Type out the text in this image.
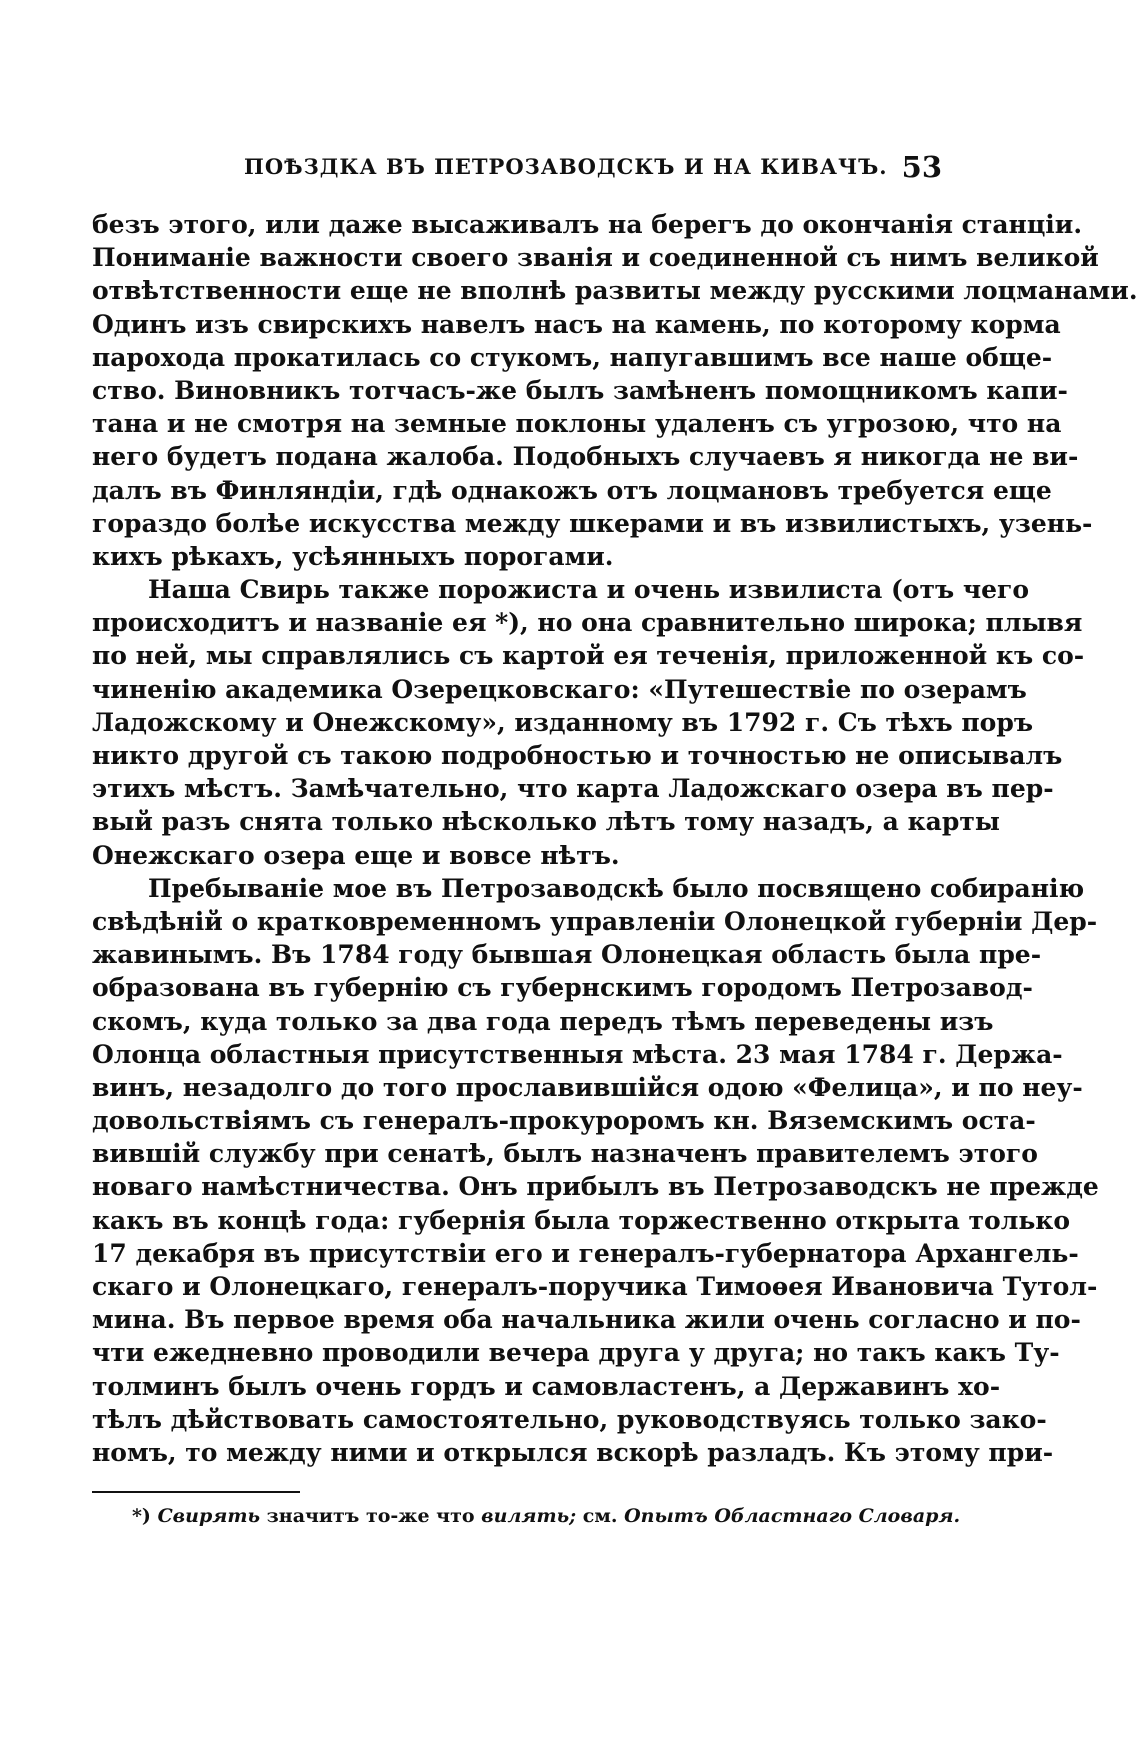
ПОѢЗДКА ВЪ ПЕТРОЗАВОДСКЪ И НА КИВАЧЪ. 53
безъ этого, или даже высаживалъ на берегъ до окончанія станціи.
Пониманіе важности своего званія и соединенной съ нимъ великой
отвѣтственности еще не вполнѣ развиты между русскими лоцманами.
Одинъ изъ свирскихъ навелъ насъ на камень, по которому корма
парохода прокатилась со стукомъ, напугавшимъ все наше обще-
ство. Виновникъ тотчасъ-же былъ замѣненъ помощникомъ капи-
тана и не смотря на земные поклоны удаленъ съ угрозою, что на
него будетъ подана жалоба. Подобныхъ случаевъ я никогда не ви-
далъ въ Финляндіи, гдѣ однакожъ отъ лоцмановъ требуется еще
гораздо болѣе искусства между шкерами и въ извилистыхъ, узень-
кихъ рѣкахъ, усѣянныхъ порогами.
Наша Свирь также порожиста и очень извилиста (отъ чего
происходитъ и названіе ея *), но она сравнительно широка; плывя
по ней, мы справлялись съ картой ея теченія, приложенной къ со-
чиненію академика Озерецковскаго: «Путешествіе по озерамъ
Ладожскому и Онежскому», изданному въ 1792 г. Съ тѣхъ поръ
никто другой съ такою подробностью и точностью не описывалъ
этихъ мѣстъ. Замѣчательно, что карта Ладожскаго озера въ пер-
вый разъ снята только нѣсколько лѣтъ тому назадъ, а карты
Онежскаго озера еще и вовсе нѣтъ.
Пребываніе мое въ Петрозаводскѣ было посвящено собиранію
свѣдѣній о кратковременномъ управленіи Олонецкой губерніи Дер-
жавинымъ. Въ 1784 году бывшая Олонецкая область была пре-
образована въ губернію съ губернскимъ городомъ Петрозавод-
скомъ, куда только за два года передъ тѣмъ переведены изъ
Олонца областныя присутственныя мѣста. 23 мая 1784 г. Держа-
винъ, незадолго до того прославившійся одою «Фелица», и по неу-
довольствіямъ съ генералъ-прокуроромъ кн. Вяземскимъ оста-
вившій службу при сенатѣ, былъ назначенъ правителемъ этого
новаго намѣстничества. Онъ прибылъ въ Петрозаводскъ не прежде
какъ въ концѣ года: губернія была торжественно открыта только
17 декабря въ присутствіи его и генералъ-губернатора Архангель-
скаго и Олонецкаго, генералъ-поручика Тимоѳея Ивановича Тутол-
мина. Въ первое время оба начальника жили очень согласно и по-
чти ежедневно проводили вечера друга у друга; но такъ какъ Ту-
толминъ былъ очень гордъ и самовластенъ, а Державинъ хо-
тѣлъ дѣйствовать самостоятельно, руководствуясь только зако-
номъ, то между ними и открылся вскорѣ разладъ. Къ этому при-
*) Свирять значитъ то-же что вилять; см. Опытъ Областнаго Словаря.
